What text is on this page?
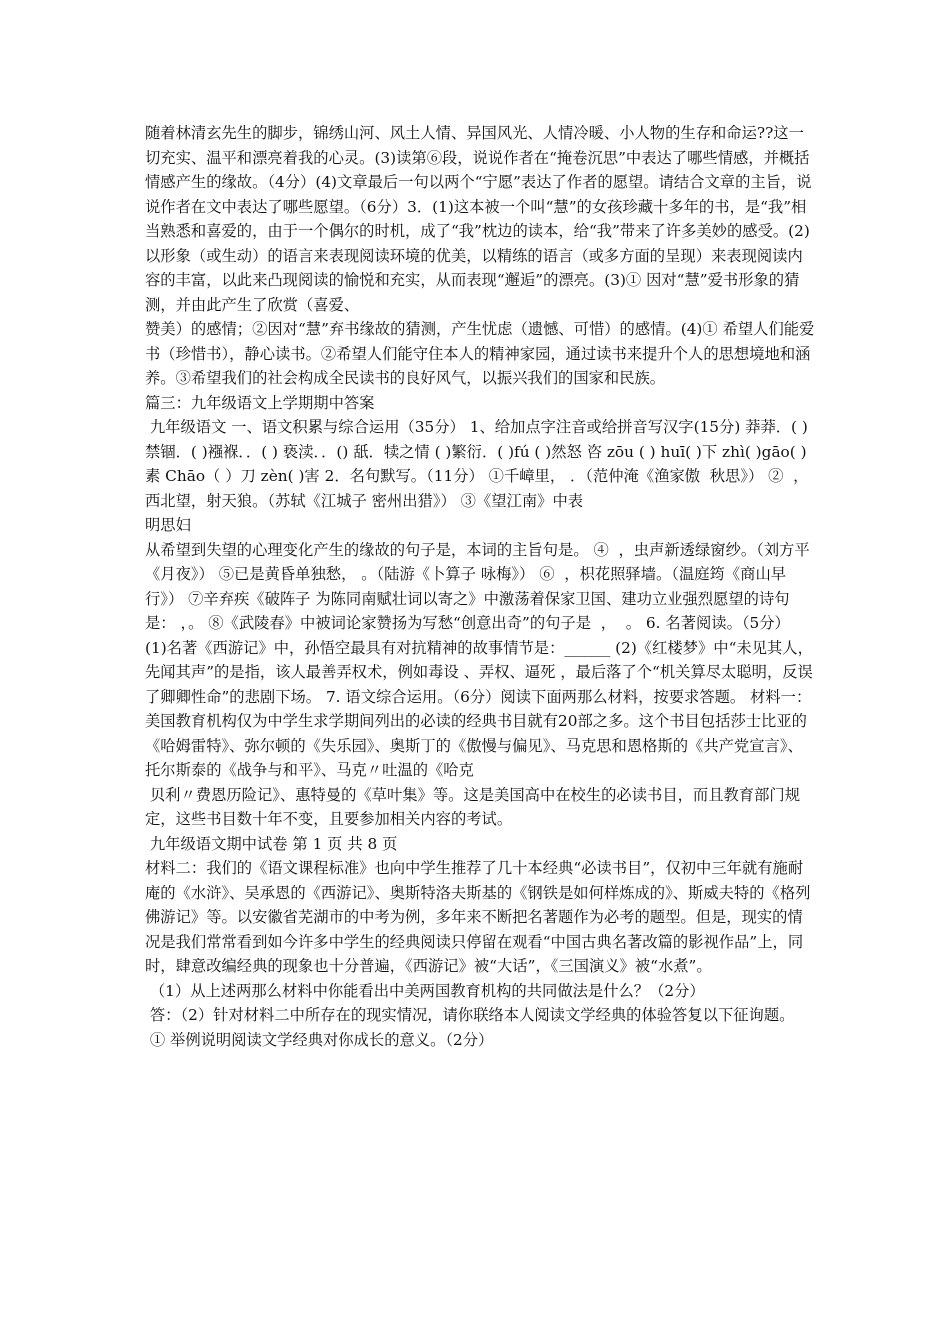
随着林清玄先生的脚步，锦绣山河、风土人情、异国风光、人情冷暖、小人物的生存和命运??这一切充实、温平和漂亮着我的心灵。(3)读第⑥段，说说作者在“掩卷沉思”中表达了哪些情感，并概括情感产生的缘故。（4分）(4)文章最后一句以两个“宁愿”表达了作者的愿望。请结合文章的主旨，说说作者在文中表达了哪些愿望。（6分）3．(1)这本被一个叫“慧”的女孩珍藏十多年的书，是“我”相当熟悉和喜爱的，由于一个偶尔的时机，成了“我”枕边的读本，给“我”带来了许多美妙的感受。(2)以形象（或生动）的语言来表现阅读环境的优美，以精练的语言（或多方面的呈现）来表现阅读内容的丰富，以此来凸现阅读的愉悦和充实，从而表现“邂逅”的漂亮。(3)① 因对“慧”爱书形象的猜测，并由此产生了欣赏（喜爱、

赞美）的感情；②因对“慧”弃书缘故的猜测，产生忧虑（遗憾、可惜）的感情。(4)① 希望人们能爱书（珍惜书），静心读书。②希望人们能守住本人的精神家园，通过读书来提升个人的思想境地和涵养。③希望我们的社会构成全民读书的良好风气，以振兴我们的国家和民族。

篇三：九年级语文上学期期中答案

九年级语文 一、语文积累与综合运用（35分） 1、给加点字注音或给拼音写汉字(15分) 莽莽．( ) 禁锢．( )襁褓．．( ) 亵渎．．() 舐．犊之情 ( )繁衍．( )fú ( )然怒 咨 zōu ( ) huī( )下 zhì( )gāo( )素 Chāo（ ）刀 zèn( )害 2．名句默写。（11分） ①千嶂里， ．（范仲淹《渔家傲  秋思》） ②  ，西北望，射天狼。（苏轼《江城子 密州出猎》） ③《望江南》中表

明思妇

从希望到失望的心理变化产生的缘故的句子是，本词的主旨句是。 ④  ，虫声新透绿窗纱。（刘方平《月夜》） ⑤已是黄昏单独愁， 。（陆游《卜算子 咏梅》） ⑥  ，枳花照驿墙。（温庭筠《商山早行》） ⑦辛弃疾《破阵子 为陈同南赋壮词以寄之》中激荡着保家卫国、建功立业强烈愿望的诗句是： ，。 ⑧《武陵春》中被词论家赞扬为写愁“创意出奇”的句子是  ，  。 6. 名著阅读。（5分） (1)名著《西游记》中，孙悟空最具有对抗精神的故事情节是：______ (2)《红楼梦》中“未见其人，先闻其声”的是指，该人最善弄权术，例如毒设 、弄权、逼死 ，最后落了个“机关算尽太聪明，反误了卿卿性命”的悲剧下场。 7. 语文综合运用。（6分）阅读下面两那么材料，按要求答题。 材料一：美国教育机构仅为中学生求学期间列出的必读的经典书目就有20部之多。这个书目包括莎士比亚的《哈姆雷特》、弥尔顿的《失乐园》、奥斯丁的《傲慢与偏见》、马克思和恩格斯的《共产党宣言》、托尔斯泰的《战争与和平》、马克〃吐温的《哈克

贝利〃费恩历险记》、惠特曼的《草叶集》等。这是美国高中在校生的必读书目，而且教育部门规定，这些书目数十年不变，且要参加相关内容的考试。

九年级语文期中试卷 第 1 页 共 8 页

材料二：我们的《语文课程标准》也向中学生推荐了几十本经典“必读书目”，仅初中三年就有施耐庵的《水浒》、吴承恩的《西游记》、奥斯特洛夫斯基的《钢铁是如何样炼成的》、斯威夫特的《格列佛游记》等。以安徽省芜湖市的中考为例，多年来不断把名著题作为必考的题型。但是，现实的情况是我们常常看到如今许多中学生的经典阅读只停留在观看“中国古典名著改篇的影视作品”上，同时，肆意改编经典的现象也十分普遍，《西游记》被“大话”，《三国演义》被“水煮”。

（1）从上述两那么材料中你能看出中美两国教育机构的共同做法是什么？（2分）

答：（2）针对材料二中所存在的现实情况，请你联络本人阅读文学经典的体验答复以下征询题。

① 举例说明阅读文学经典对你成长的意义。（2分）
